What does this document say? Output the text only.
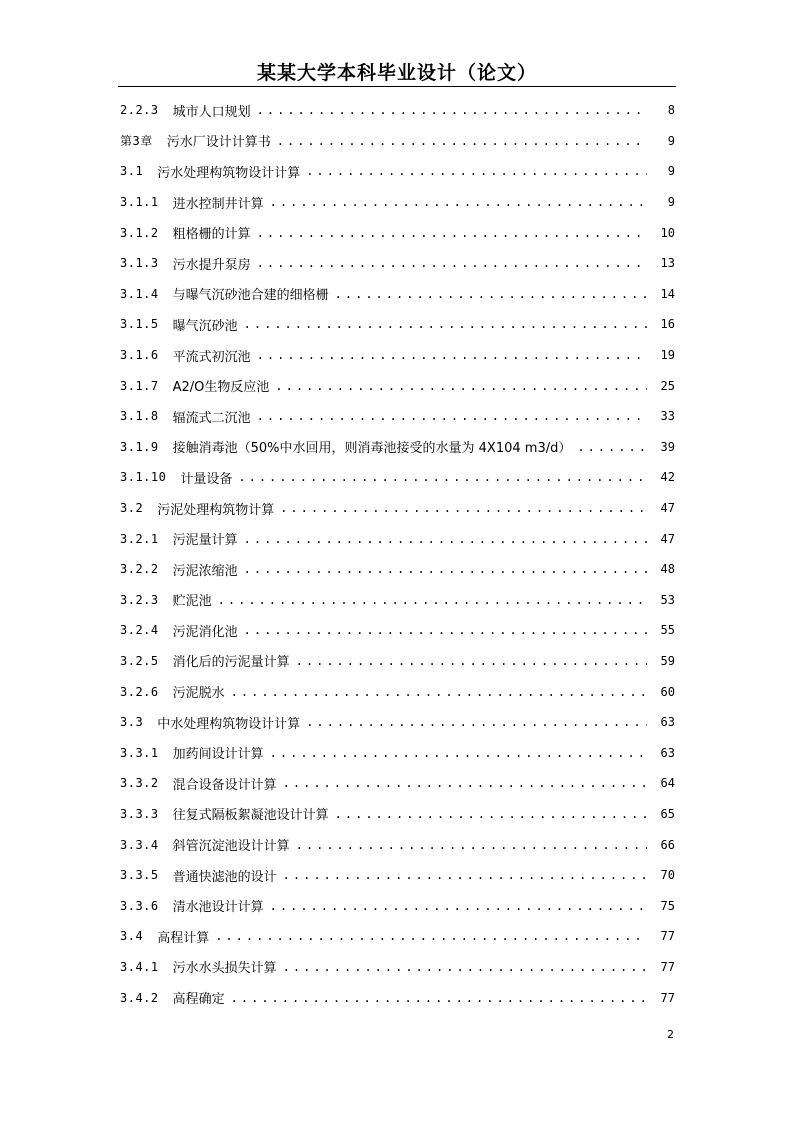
某某大学本科毕业设计（论文）
2.2.3 城市人口规划 .....	8
第3章 污水厂设计计算书 .....	9
3.1 污水处理构筑物设计计算 .....	9
3.1.1 进水控制井计算 .....	9
3.1.2 粗格栅的计算 .....	10
3.1.3 污水提升泵房 .....	13
3.1.4 与曝气沉砂池合建的细格栅 .....	14
3.1.5 曝气沉砂池 .....	16
3.1.6 平流式初沉池 .....	19
3.1.7 A2/O生物反应池 .....	25
3.1.8 辐流式二沉池 .....	33
3.1.9 接触消毒池（50%中水回用，则消毒池接受的水量为 4X104 m3/d） .....	39
3.1.10 计量设备 .....	42
3.2 污泥处理构筑物计算 .....	47
3.2.1 污泥量计算 .....	47
3.2.2 污泥浓缩池 .....	48
3.2.3 贮泥池 .....	53
3.2.4 污泥消化池 .....	55
3.2.5 消化后的污泥量计算 .....	59
3.2.6 污泥脱水 .....	60
3.3 中水处理构筑物设计计算 .....	63
3.3.1 加药间设计计算 .....	63
3.3.2 混合设备设计计算 .....	64
3.3.3 往复式隔板絮凝池设计计算 .....	65
3.3.4 斜管沉淀池设计计算 .....	66
3.3.5 普通快滤池的设计 .....	70
3.3.6 清水池设计计算 .....	75
3.4 高程计算 .....	77
3.4.1 污水水头损失计算 .....	77
3.4.2 高程确定 .....	77
2
